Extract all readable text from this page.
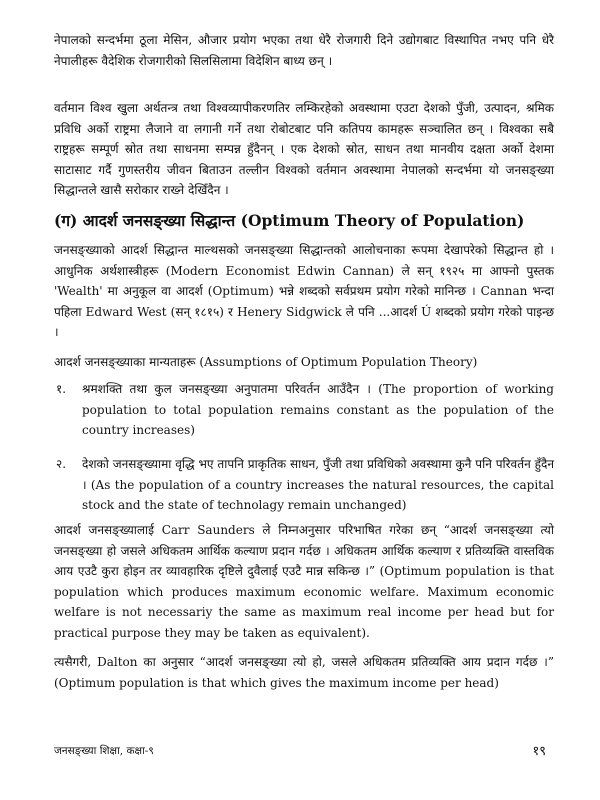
नेपालको सन्दर्भमा ठूला मेसिन, औजार प्रयोग भएका तथा धेरै रोजगारी दिने उद्योगबाट विस्थापित नभए पनि धेरै नेपालीहरू वैदेशिक रोजगारीको सिलसिलामा विदेशिन बाध्य छन् ।

वर्तमान विश्व खुला अर्थतन्त्र तथा विश्वव्यापीकरणतिर लम्किरहेको अवस्थामा एउटा देशको पुँजी, उत्पादन, श्रमिक प्रविधि अर्को राष्ट्रमा लैजाने वा लगानी गर्ने तथा रोबोटबाट पनि कतिपय कामहरू सञ्चालित छन् । विश्वका सबै राष्ट्रहरू सम्पूर्ण स्रोत तथा साधनमा सम्पन्न हुँदैनन् । एक देशको स्रोत, साधन तथा मानवीय दक्षता अर्को देशमा साटासाट गर्दै गुणस्तरीय जीवन बिताउन तल्लीन विश्वको वर्तमान अवस्थामा नेपालको सन्दर्भमा यो जनसङ्ख्या सिद्धान्तले खासै सरोकार राख्ने देखिँदैन ।

(ग) आदर्श जनसङ्ख्या सिद्धान्त (Optimum Theory of Population)

जनसङ्ख्याको आदर्श सिद्धान्त माल्थसको जनसङ्ख्या सिद्धान्तको आलोचनाका रूपमा देखापरेको सिद्धान्त हो । आधुनिक अर्थशास्त्रीहरू (Modern Economist Edwin Cannan) ले सन् १९२५ मा आफ्नो पुस्तक 'Wealth' मा अनुकूल वा आदर्श (Optimum) भन्ने शब्दको सर्वप्रथम प्रयोग गरेको मानिन्छ । Cannan भन्दा पहिला Edward West (सन् १८१५) र Henery Sidgwick ले पनि ...आदर्श Ú शब्दको प्रयोग गरेको पाइन्छ ।

आदर्श जनसङ्ख्याका मान्यताहरू (Assumptions of Optimum Population Theory)

१. श्रमशक्ति तथा कुल जनसङ्ख्या अनुपातमा परिवर्तन आउँदैन । (The proportion of working population to total population remains constant as the population of the country increases)
२. देशको जनसङ्ख्यामा वृद्धि भए तापनि प्राकृतिक साधन, पुँजी तथा प्रविधिको अवस्थामा कुनै पनि परिवर्तन हुँदैन । (As the population of a country increases the natural resources, the capital stock and the state of technolagy remain unchanged)

आदर्श जनसङ्ख्यालाई Carr Saunders ले निम्नअनुसार परिभाषित गरेका छन् “आदर्श जनसङ्ख्या त्यो जनसङ्ख्या हो जसले अधिकतम आर्थिक कल्याण प्रदान गर्दछ । अधिकतम आर्थिक कल्याण र प्रतिव्यक्ति वास्तविक आय एउटै कुरा होइन तर व्यावहारिक दृष्टिले दुवैलाई एउटै मान्न सकिन्छ ।” (Optimum population is that population which produces maximum economic welfare. Maximum economic welfare is not necessariy the same as maximum real income per head but for practical purpose they may be taken as equivalent).

त्यसैगरी, Dalton का अनुसार “आदर्श जनसङ्ख्या त्यो हो, जसले अधिकतम प्रतिव्यक्ति आय प्रदान गर्दछ ।” (Optimum population is that which gives the maximum income per head)

जनसङ्ख्या शिक्षा, कक्षा-९	१९
